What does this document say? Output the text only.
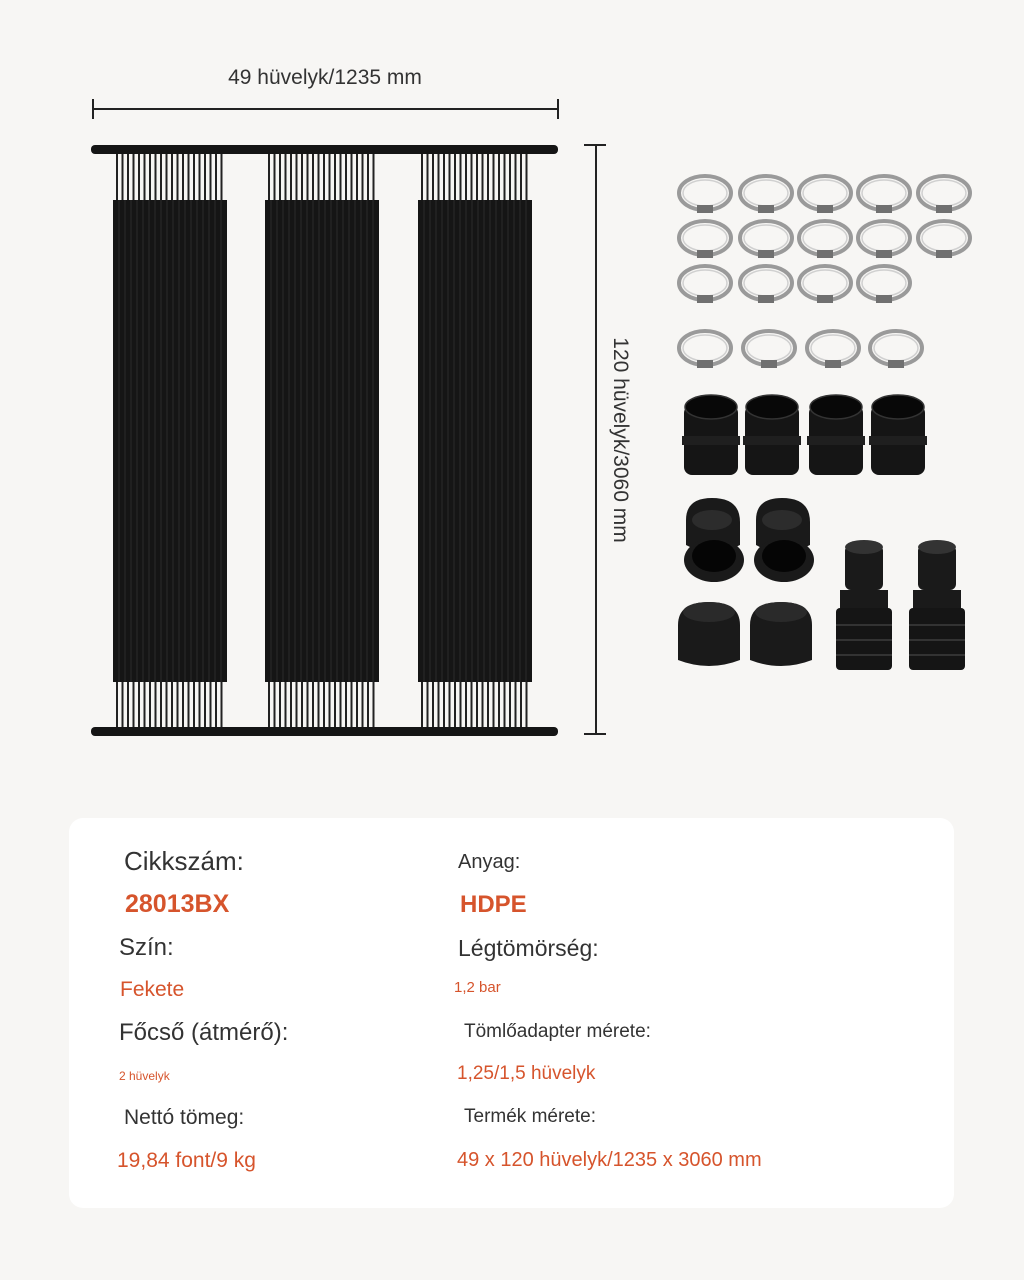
49 hüvelyk/1235 mm
120 hüvelyk/3060 mm
Cikkszám:
28013BX
Szín:
Fekete
Főcső (átmérő):
2 hüvelyk
Nettó tömeg:
19,84 font/9 kg
Anyag:
HDPE
Légtömörség:
1,2 bar
Tömlőadapter mérete:
1,25/1,5 hüvelyk
Termék mérete:
49 x 120 hüvelyk/1235 x 3060 mm
